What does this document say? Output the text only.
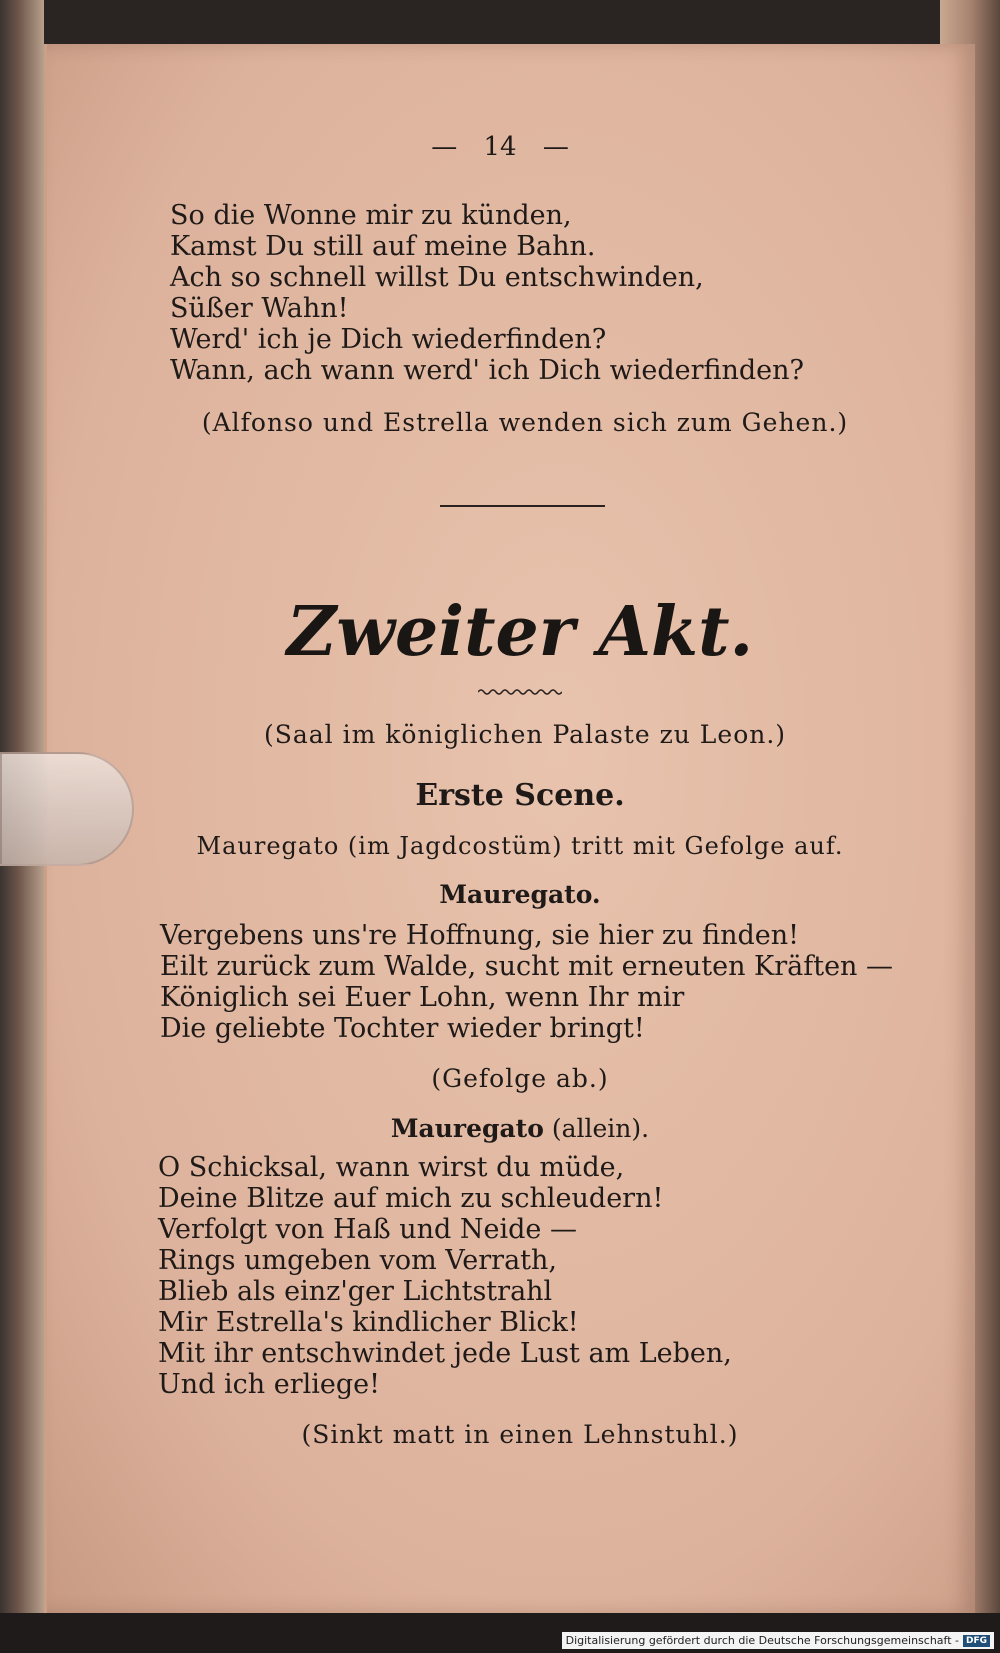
— 14 —
So die Wonne mir zu künden,
Kamst Du still auf meine Bahn.
Ach so schnell willst Du entschwinden,
Süßer Wahn!
Werd' ich je Dich wiederfinden?
Wann, ach wann werd' ich Dich wiederfinden?
(Alfonso und Estrella wenden sich zum Gehen.)
Zweiter Akt.
(Saal im königlichen Palaste zu Leon.)
Erste Scene.
Mauregato (im Jagdcostüm) tritt mit Gefolge auf.
Mauregato.
Vergebens uns're Hoffnung, sie hier zu finden!
Eilt zurück zum Walde, sucht mit erneuten Kräften —
Königlich sei Euer Lohn, wenn Ihr mir
Die geliebte Tochter wieder bringt!
(Gefolge ab.)
Mauregato (allein).
O Schicksal, wann wirst du müde,
Deine Blitze auf mich zu schleudern!
Verfolgt von Haß und Neide —
Rings umgeben vom Verrath,
Blieb als einz'ger Lichtstrahl
Mir Estrella's kindlicher Blick!
Mit ihr entschwindet jede Lust am Leben,
Und ich erliege!
(Sinkt matt in einen Lehnstuhl.)
Digitalisierung gefördert durch die Deutsche Forschungsgemeinschaft - DFG
